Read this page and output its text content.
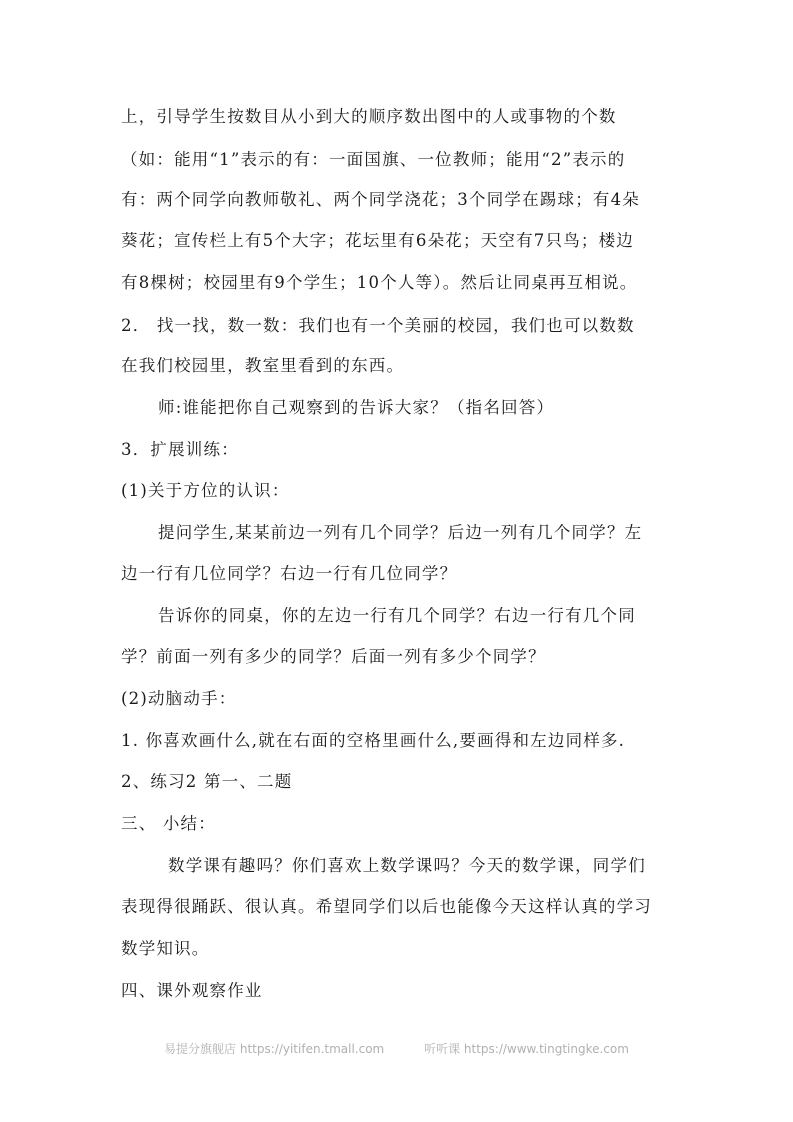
上，引导学生按数目从小到大的顺序数出图中的人或事物的个数
（如：能用“1”表示的有：一面国旗、一位教师；能用“2”表示的
有：两个同学向教师敬礼、两个同学浇花；3个同学在踢球；有4朵
葵花；宣传栏上有5个大字；花坛里有6朵花；天空有7只鸟；楼边
有8棵树；校园里有9个学生；10个人等）。然后让同桌再互相说。
2． 找一找，数一数：我们也有一个美丽的校园，我们也可以数数
在我们校园里，教室里看到的东西。
师:谁能把你自己观察到的告诉大家？（指名回答）
3．扩展训练：
(1)关于方位的认识：
提问学生,某某前边一列有几个同学？后边一列有几个同学？左
边一行有几位同学？右边一行有几位同学？
告诉你的同桌，你的左边一行有几个同学？右边一行有几个同
学？前面一列有多少的同学？后面一列有多少个同学？
(2)动脑动手：
1. 你喜欢画什么,就在右面的空格里画什么,要画得和左边同样多.
2、练习2 第一、二题
三、 小结：
数学课有趣吗？你们喜欢上数学课吗？今天的数学课，同学们
表现得很踊跃、很认真。希望同学们以后也能像今天这样认真的学习
数学知识。
四、课外观察作业
易提分旗舰店 https://yitifen.tmall.com	听听课 https://www.tingtingke.com
